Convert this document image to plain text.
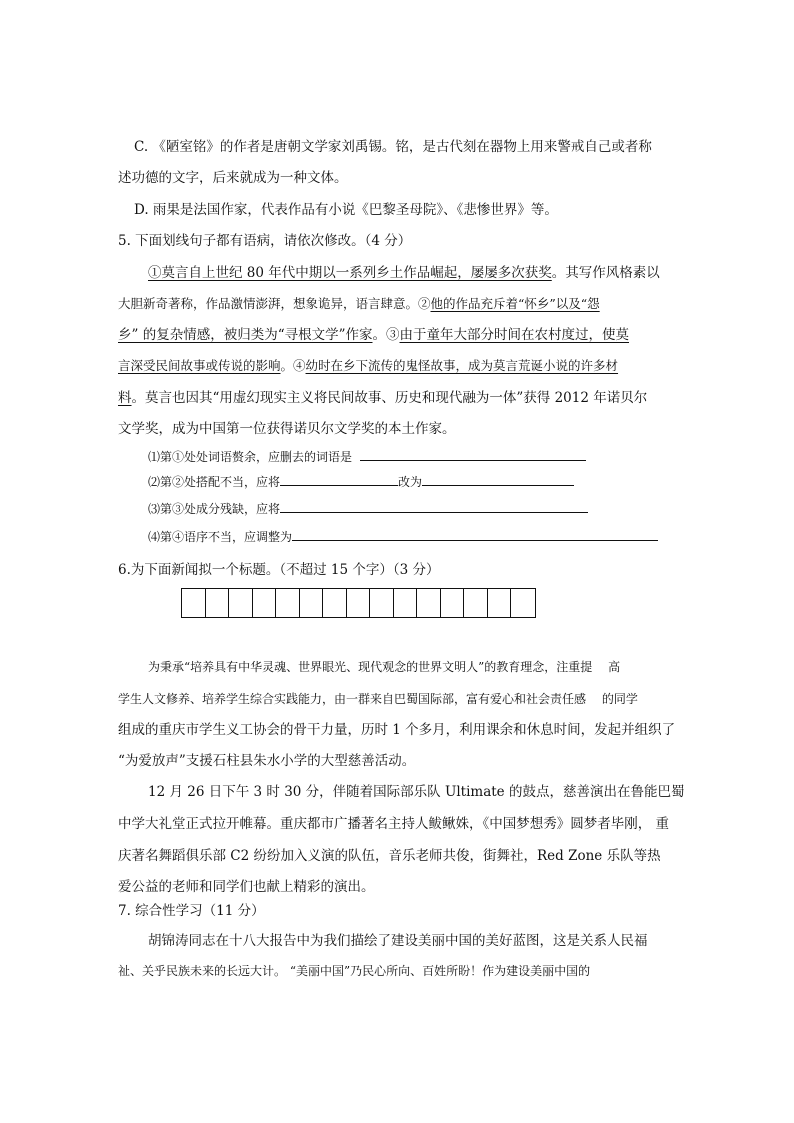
C. 《陋室铭》的作者是唐朝文学家刘禹锡。铭，是古代刻在器物上用来警戒自己或者称
述功德的文字，后来就成为一种文体。
D. 雨果是法国作家，代表作品有小说《巴黎圣母院》、《悲惨世界》等。
5. 下面划线句子都有语病，请依次修改。（4 分）
①莫言自上世纪 80 年代中期以一系列乡土作品崛起，屡屡多次获奖。其写作风格素以
大胆新奇著称，作品激情澎湃，想象诡异，语言肆意。②他的作品充斥着“怀乡”以及“怨
乡” 的复杂情感，被归类为“寻根文学”作家。③由于童年大部分时间在农村度过，使莫
言深受民间故事或传说的影响。④幼时在乡下流传的鬼怪故事，成为莫言荒诞小说的许多材
料。莫言也因其“用虚幻现实主义将民间故事、历史和现代融为一体”获得 2012 年诺贝尔
文学奖，成为中国第一位获得诺贝尔文学奖的本土作家。
⑴第①处处词语赘余，应删去的词语是
⑵第②处搭配不当，应将	改为
⑶第③处成分残缺，应将
⑷第④语序不当，应调整为
6.为下面新闻拟一个标题。（不超过 15 个字）（3 分）
为秉承“培养具有中华灵魂、世界眼光、现代观念的世界文明人”的教育理念，注重提　 高
学生人文修养、培养学生综合实践能力，由一群来自巴蜀国际部，富有爱心和社会责任感　 的同学
组成的重庆市学生义工协会的骨干力量，历时 1 个多月，利用课余和休息时间，发起并组织了
“为爱放声”支援石柱县朱水小学的大型慈善活动。
12 月 26 日下午 3 时 30 分，伴随着国际部乐队 Ultimate 的鼓点，慈善演出在鲁能巴蜀
中学大礼堂正式拉开帷幕。重庆都市广播著名主持人鲅鳅姝，《中国梦想秀》圆梦者毕刚， 重
庆著名舞蹈俱乐部 C2 纷纷加入义演的队伍，音乐老师共俊，街舞社，Red Zone 乐队等热
爱公益的老师和同学们也献上精彩的演出。
7. 综合性学习（11 分）
胡锦涛同志在十八大报告中为我们描绘了建设美丽中国的美好蓝图，这是关系人民福
祉、关乎民族未来的长远大计。 “美丽中国”乃民心所向、百姓所盼！作为建设美丽中国的
